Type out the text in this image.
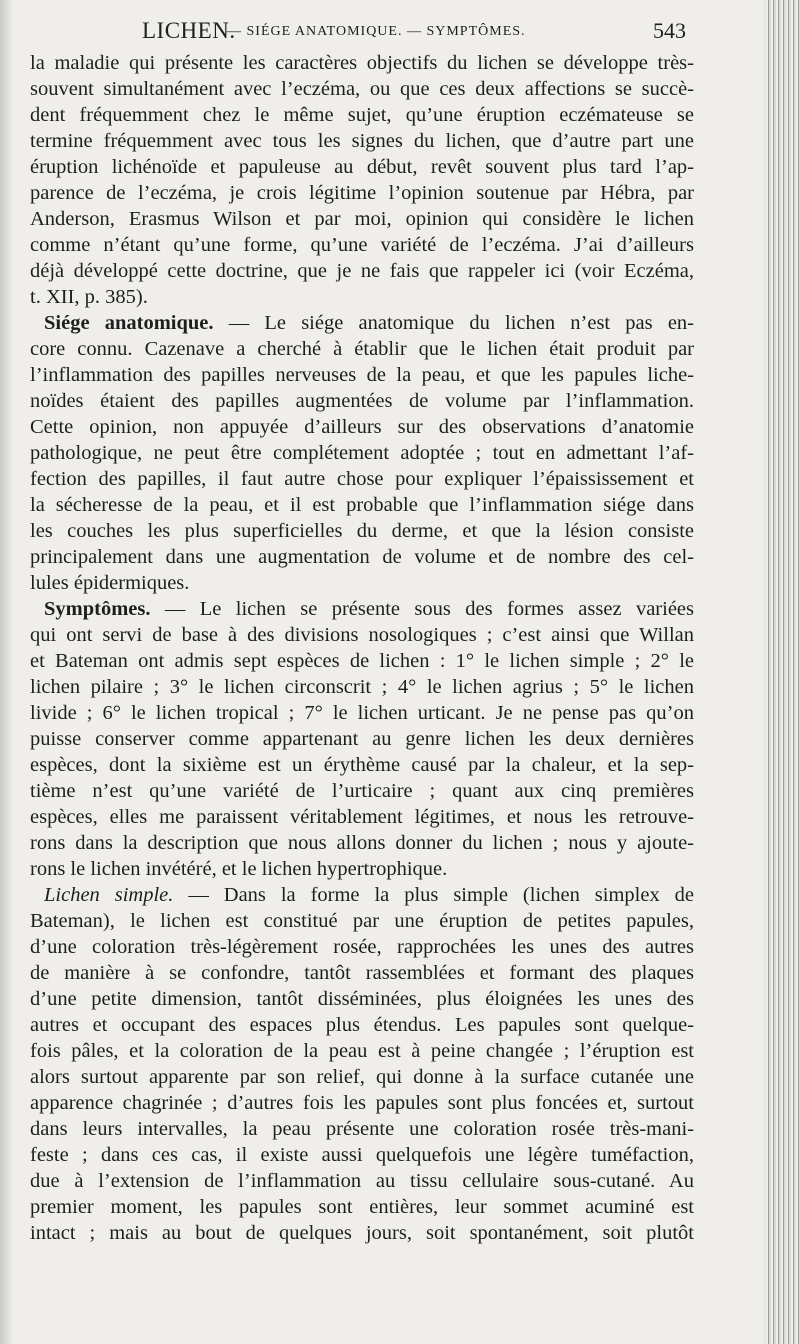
LICHEN.
— SIÉGE ANATOMIQUE. — SYMPTÔMES.	543
la maladie qui présente les caractères objectifs du lichen se développe très-
souvent simultanément avec l’eczéma, ou que ces deux affections se succè-
dent fréquemment chez le même sujet, qu’une éruption eczémateuse se
termine fréquemment avec tous les signes du lichen, que d’autre part une
éruption lichénoïde et papuleuse au début, revêt souvent plus tard l’ap-
parence de l’eczéma, je crois légitime l’opinion soutenue par Hébra, par
Anderson, Erasmus Wilson et par moi, opinion qui considère le lichen
comme n’étant qu’une forme, qu’une variété de l’eczéma. J’ai d’ailleurs
déjà développé cette doctrine, que je ne fais que rappeler ici (voir Eczéma,
t. XII, p. 385).
Siége anatomique. — Le siége anatomique du lichen n’est pas en-
core connu. Cazenave a cherché à établir que le lichen était produit par
l’inflammation des papilles nerveuses de la peau, et que les papules liche-
noïdes étaient des papilles augmentées de volume par l’inflammation.
Cette opinion, non appuyée d’ailleurs sur des observations d’anatomie
pathologique, ne peut être complétement adoptée ; tout en admettant l’af-
fection des papilles, il faut autre chose pour expliquer l’épaississement et
la sécheresse de la peau, et il est probable que l’inflammation siége dans
les couches les plus superficielles du derme, et que la lésion consiste
principalement dans une augmentation de volume et de nombre des cel-
lules épidermiques.
Symptômes. — Le lichen se présente sous des formes assez variées
qui ont servi de base à des divisions nosologiques ; c’est ainsi que Willan
et Bateman ont admis sept espèces de lichen : 1° le lichen simple ; 2° le
lichen pilaire ; 3° le lichen circonscrit ; 4° le lichen agrius ; 5° le lichen
livide ; 6° le lichen tropical ; 7° le lichen urticant. Je ne pense pas qu’on
puisse conserver comme appartenant au genre lichen les deux dernières
espèces, dont la sixième est un érythème causé par la chaleur, et la sep-
tième n’est qu’une variété de l’urticaire ; quant aux cinq premières
espèces, elles me paraissent véritablement légitimes, et nous les retrouve-
rons dans la description que nous allons donner du lichen ; nous y ajoute-
rons le lichen invétéré, et le lichen hypertrophique.
Lichen simple. — Dans la forme la plus simple (lichen simplex de
Bateman), le lichen est constitué par une éruption de petites papules,
d’une coloration très-légèrement rosée, rapprochées les unes des autres
de manière à se confondre, tantôt rassemblées et formant des plaques
d’une petite dimension, tantôt disséminées, plus éloignées les unes des
autres et occupant des espaces plus étendus. Les papules sont quelque-
fois pâles, et la coloration de la peau est à peine changée ; l’éruption est
alors surtout apparente par son relief, qui donne à la surface cutanée une
apparence chagrinée ; d’autres fois les papules sont plus foncées et, surtout
dans leurs intervalles, la peau présente une coloration rosée très-mani-
feste ; dans ces cas, il existe aussi quelquefois une légère tuméfaction,
due à l’extension de l’inflammation au tissu cellulaire sous-cutané. Au
premier moment, les papules sont entières, leur sommet acuminé est
intact ; mais au bout de quelques jours, soit spontanément, soit plutôt
